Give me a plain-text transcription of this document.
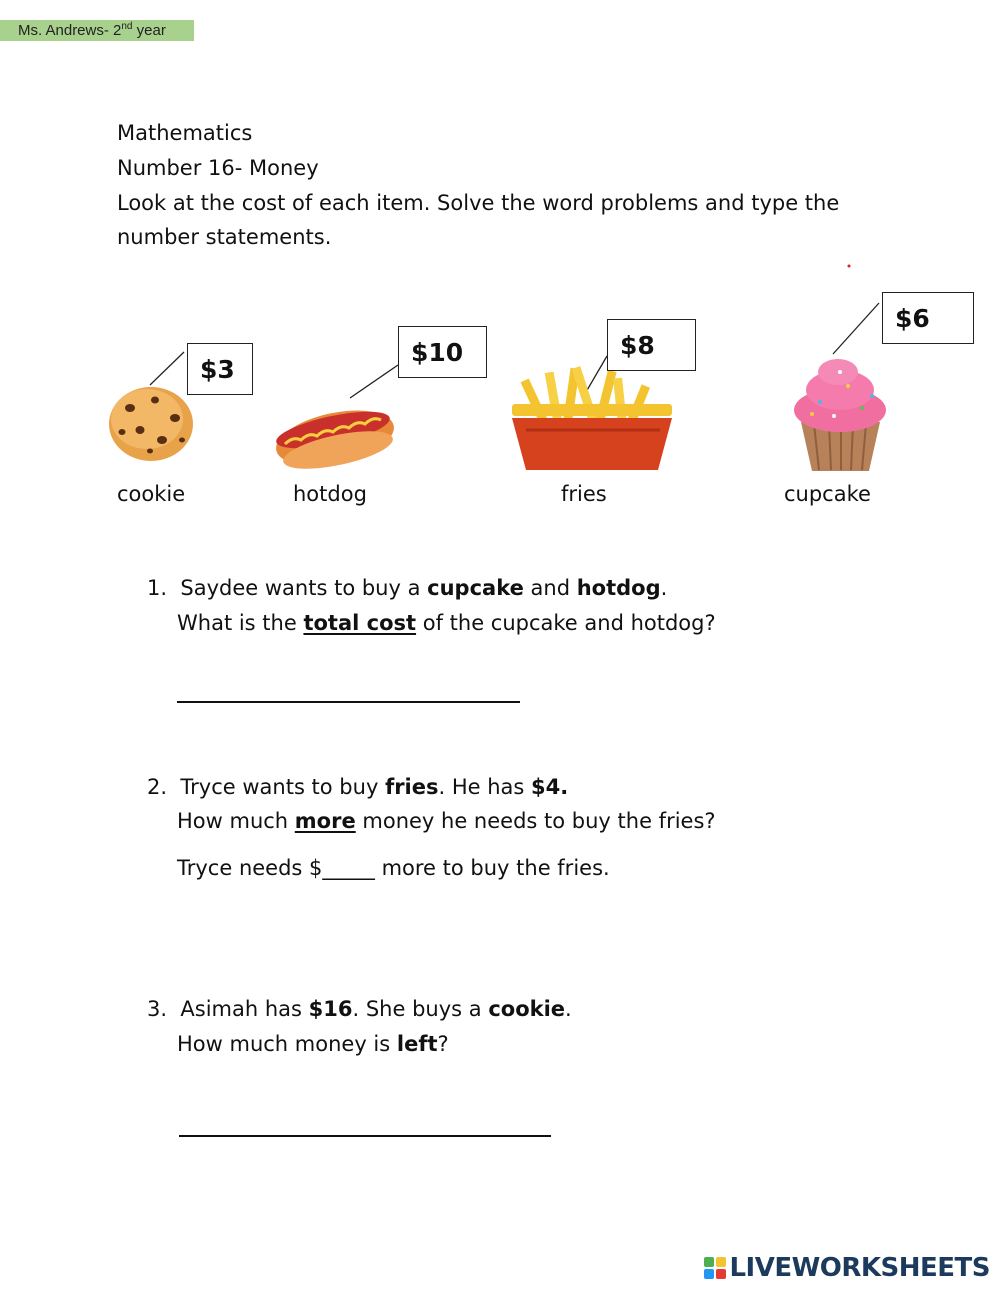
Ms. Andrews- 2nd year
Mathematics
Number 16- Money
Look at the cost of each item. Solve the word problems and type the
number statements.
$3
$10	$8
$6
cookie	hotdog	fries	cupcake
1. Saydee wants to buy a cupcake and hotdog.
What is the total cost of the cupcake and hotdog?
2. Tryce wants to buy fries. He has $4.
How much more money he needs to buy the fries?
Tryce needs $_____ more to buy the fries.
3. Asimah has $16. She buys a cookie.
How much money is left?
LIVEWORKSHEETS
